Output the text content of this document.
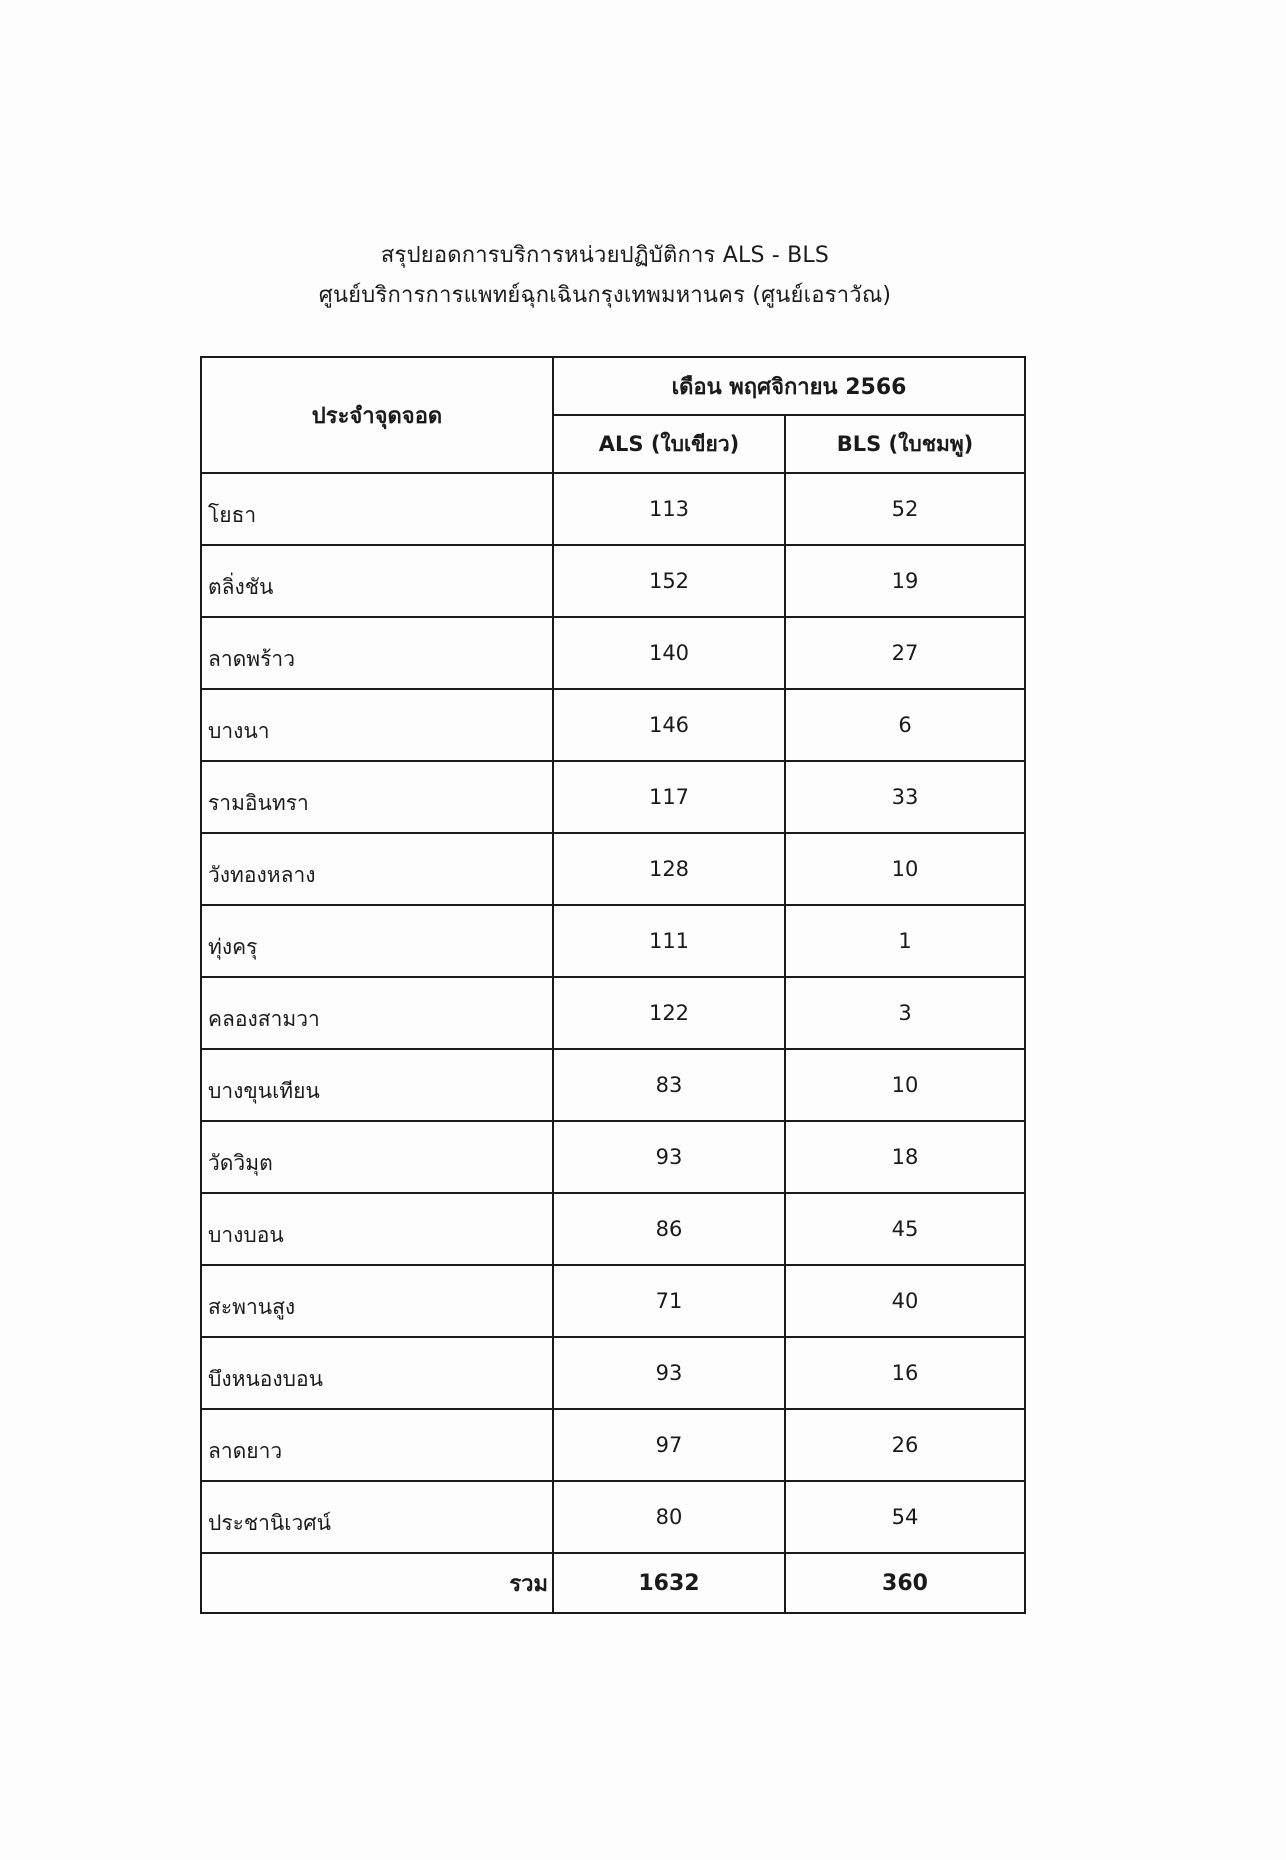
สรุปยอดการบริการหน่วยปฏิบัติการ ALS - BLS
ศูนย์บริการการแพทย์ฉุกเฉินกรุงเทพมหานคร (ศูนย์เอราวัณ)
ประจำจุดจอด	เดือน พฤศจิกายน 2566	
	ALS (ใบเขียว)	BLS (ใบชมพู)
โยธา	113	52
ตลิ่งชัน	152	19
ลาดพร้าว	140	27
บางนา	146	6
รามอินทรา	117	33
วังทองหลาง	128	10
ทุ่งครุ	111	1
คลองสามวา	122	3
บางขุนเทียน	83	10
วัดวิมุต	93	18
บางบอน	86	45
สะพานสูง	71	40
บึงหนองบอน	93	16
ลาดยาว	97	26
ประชานิเวศน์	80	54
รวม	1632	360
